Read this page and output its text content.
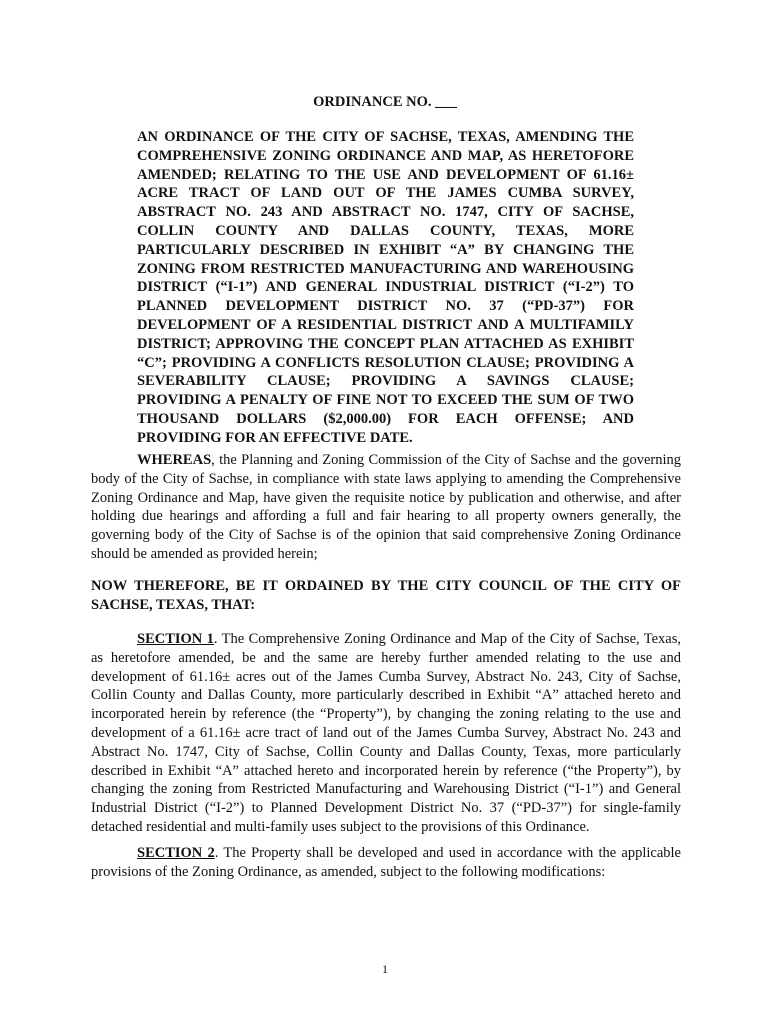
ORDINANCE NO. ___

AN ORDINANCE OF THE CITY OF SACHSE, TEXAS, AMENDING THE COMPREHENSIVE ZONING ORDINANCE AND MAP, AS HERETOFORE AMENDED; RELATING TO THE USE AND DEVELOPMENT OF 61.16± ACRE TRACT OF LAND OUT OF THE JAMES CUMBA SURVEY, ABSTRACT NO. 243 AND ABSTRACT NO. 1747, CITY OF SACHSE, COLLIN COUNTY AND DALLAS COUNTY, TEXAS, MORE PARTICULARLY DESCRIBED IN EXHIBIT “A” BY CHANGING THE ZONING FROM RESTRICTED MANUFACTURING AND WAREHOUSING DISTRICT (“I-1”) AND GENERAL INDUSTRIAL DISTRICT (“I-2”) TO PLANNED DEVELOPMENT DISTRICT NO. 37 (“PD-37”) FOR DEVELOPMENT OF A RESIDENTIAL DISTRICT AND A MULTIFAMILY DISTRICT; APPROVING THE CONCEPT PLAN ATTACHED AS EXHIBIT “C”; PROVIDING A CONFLICTS RESOLUTION CLAUSE; PROVIDING A SEVERABILITY CLAUSE; PROVIDING A SAVINGS CLAUSE; PROVIDING A PENALTY OF FINE NOT TO EXCEED THE SUM OF TWO THOUSAND DOLLARS ($2,000.00) FOR EACH OFFENSE; AND PROVIDING FOR AN EFFECTIVE DATE.

WHEREAS, the Planning and Zoning Commission of the City of Sachse and the governing body of the City of Sachse, in compliance with state laws applying to amending the Comprehensive Zoning Ordinance and Map, have given the requisite notice by publication and otherwise, and after holding due hearings and affording a full and fair hearing to all property owners generally, the governing body of the City of Sachse is of the opinion that said comprehensive Zoning Ordinance should be amended as provided herein;

NOW THEREFORE, BE IT ORDAINED BY THE CITY COUNCIL OF THE CITY OF SACHSE, TEXAS, THAT:

SECTION 1. The Comprehensive Zoning Ordinance and Map of the City of Sachse, Texas, as heretofore amended, be and the same are hereby further amended relating to the use and development of 61.16± acres out of the James Cumba Survey, Abstract No. 243, City of Sachse, Collin County and Dallas County, more particularly described in Exhibit “A” attached hereto and incorporated herein by reference (the “Property”), by changing the zoning relating to the use and development of a 61.16± acre tract of land out of the James Cumba Survey, Abstract No. 243 and Abstract No. 1747, City of Sachse, Collin County and Dallas County, Texas, more particularly described in Exhibit “A” attached hereto and incorporated herein by reference (“the Property”), by changing the zoning from Restricted Manufacturing and Warehousing District (“I-1”) and General Industrial District (“I-2”) to Planned Development District No. 37 (“PD-37”) for single-family detached residential and multi-family uses subject to the provisions of this Ordinance.

SECTION 2. The Property shall be developed and used in accordance with the applicable provisions of the Zoning Ordinance, as amended, subject to the following modifications:

1
